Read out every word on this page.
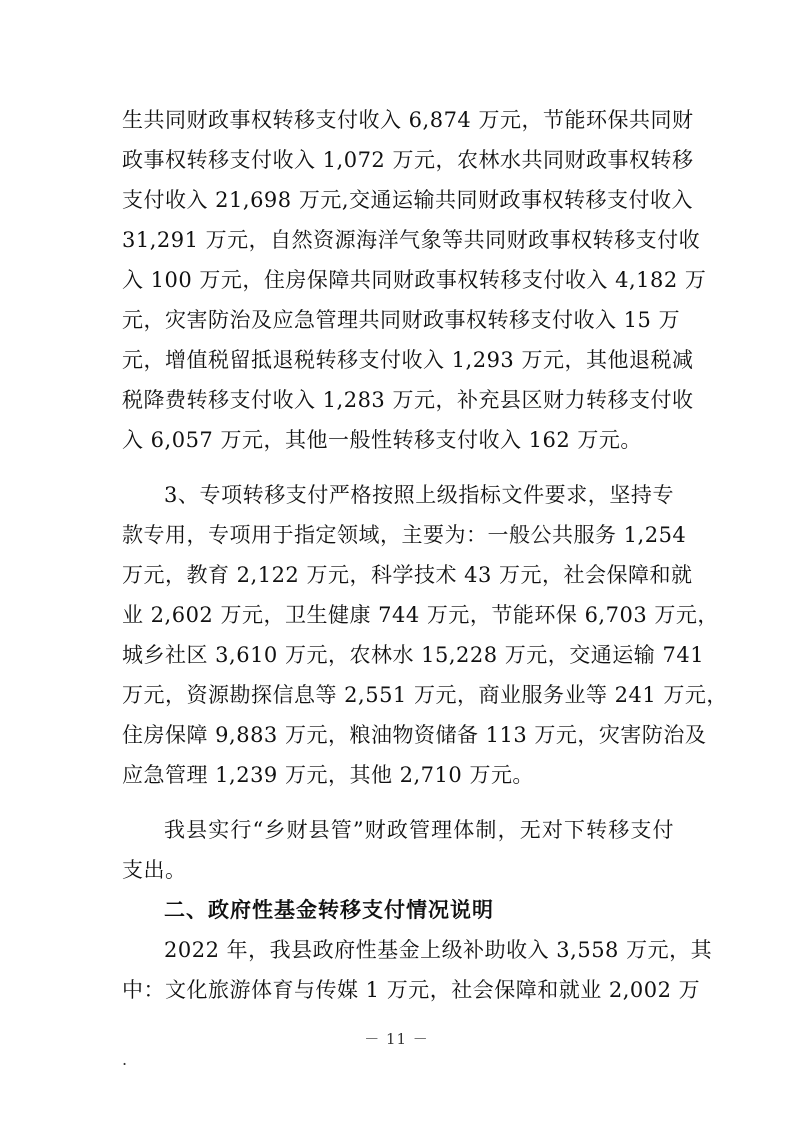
生共同财政事权转移支付收入 6,874 万元，节能环保共同财
政事权转移支付收入 1,072 万元，农林水共同财政事权转移
支付收入 21,698 万元,交通运输共同财政事权转移支付收入
31,291 万元，自然资源海洋气象等共同财政事权转移支付收
入 100 万元，住房保障共同财政事权转移支付收入 4,182 万
元，灾害防治及应急管理共同财政事权转移支付收入 15 万
元，增值税留抵退税转移支付收入 1,293 万元，其他退税减
税降费转移支付收入 1,283 万元，补充县区财力转移支付收
入 6,057 万元，其他一般性转移支付收入 162 万元。
3、专项转移支付严格按照上级指标文件要求，坚持专
款专用，专项用于指定领域，主要为：一般公共服务 1,254
万元，教育 2,122 万元，科学技术 43 万元，社会保障和就
业 2,602 万元，卫生健康 744 万元，节能环保 6,703 万元，
城乡社区 3,610 万元，农林水 15,228 万元，交通运输 741
万元，资源勘探信息等 2,551 万元，商业服务业等 241 万元，
住房保障 9,883 万元，粮油物资储备 113 万元，灾害防治及
应急管理 1,239 万元，其他 2,710 万元。
我县实行“乡财县管”财政管理体制，无对下转移支付
支出。
二、政府性基金转移支付情况说明
2022 年，我县政府性基金上级补助收入 3,558 万元，其
中：文化旅游体育与传媒 1 万元，社会保障和就业 2,002 万
－ 11 －
.
